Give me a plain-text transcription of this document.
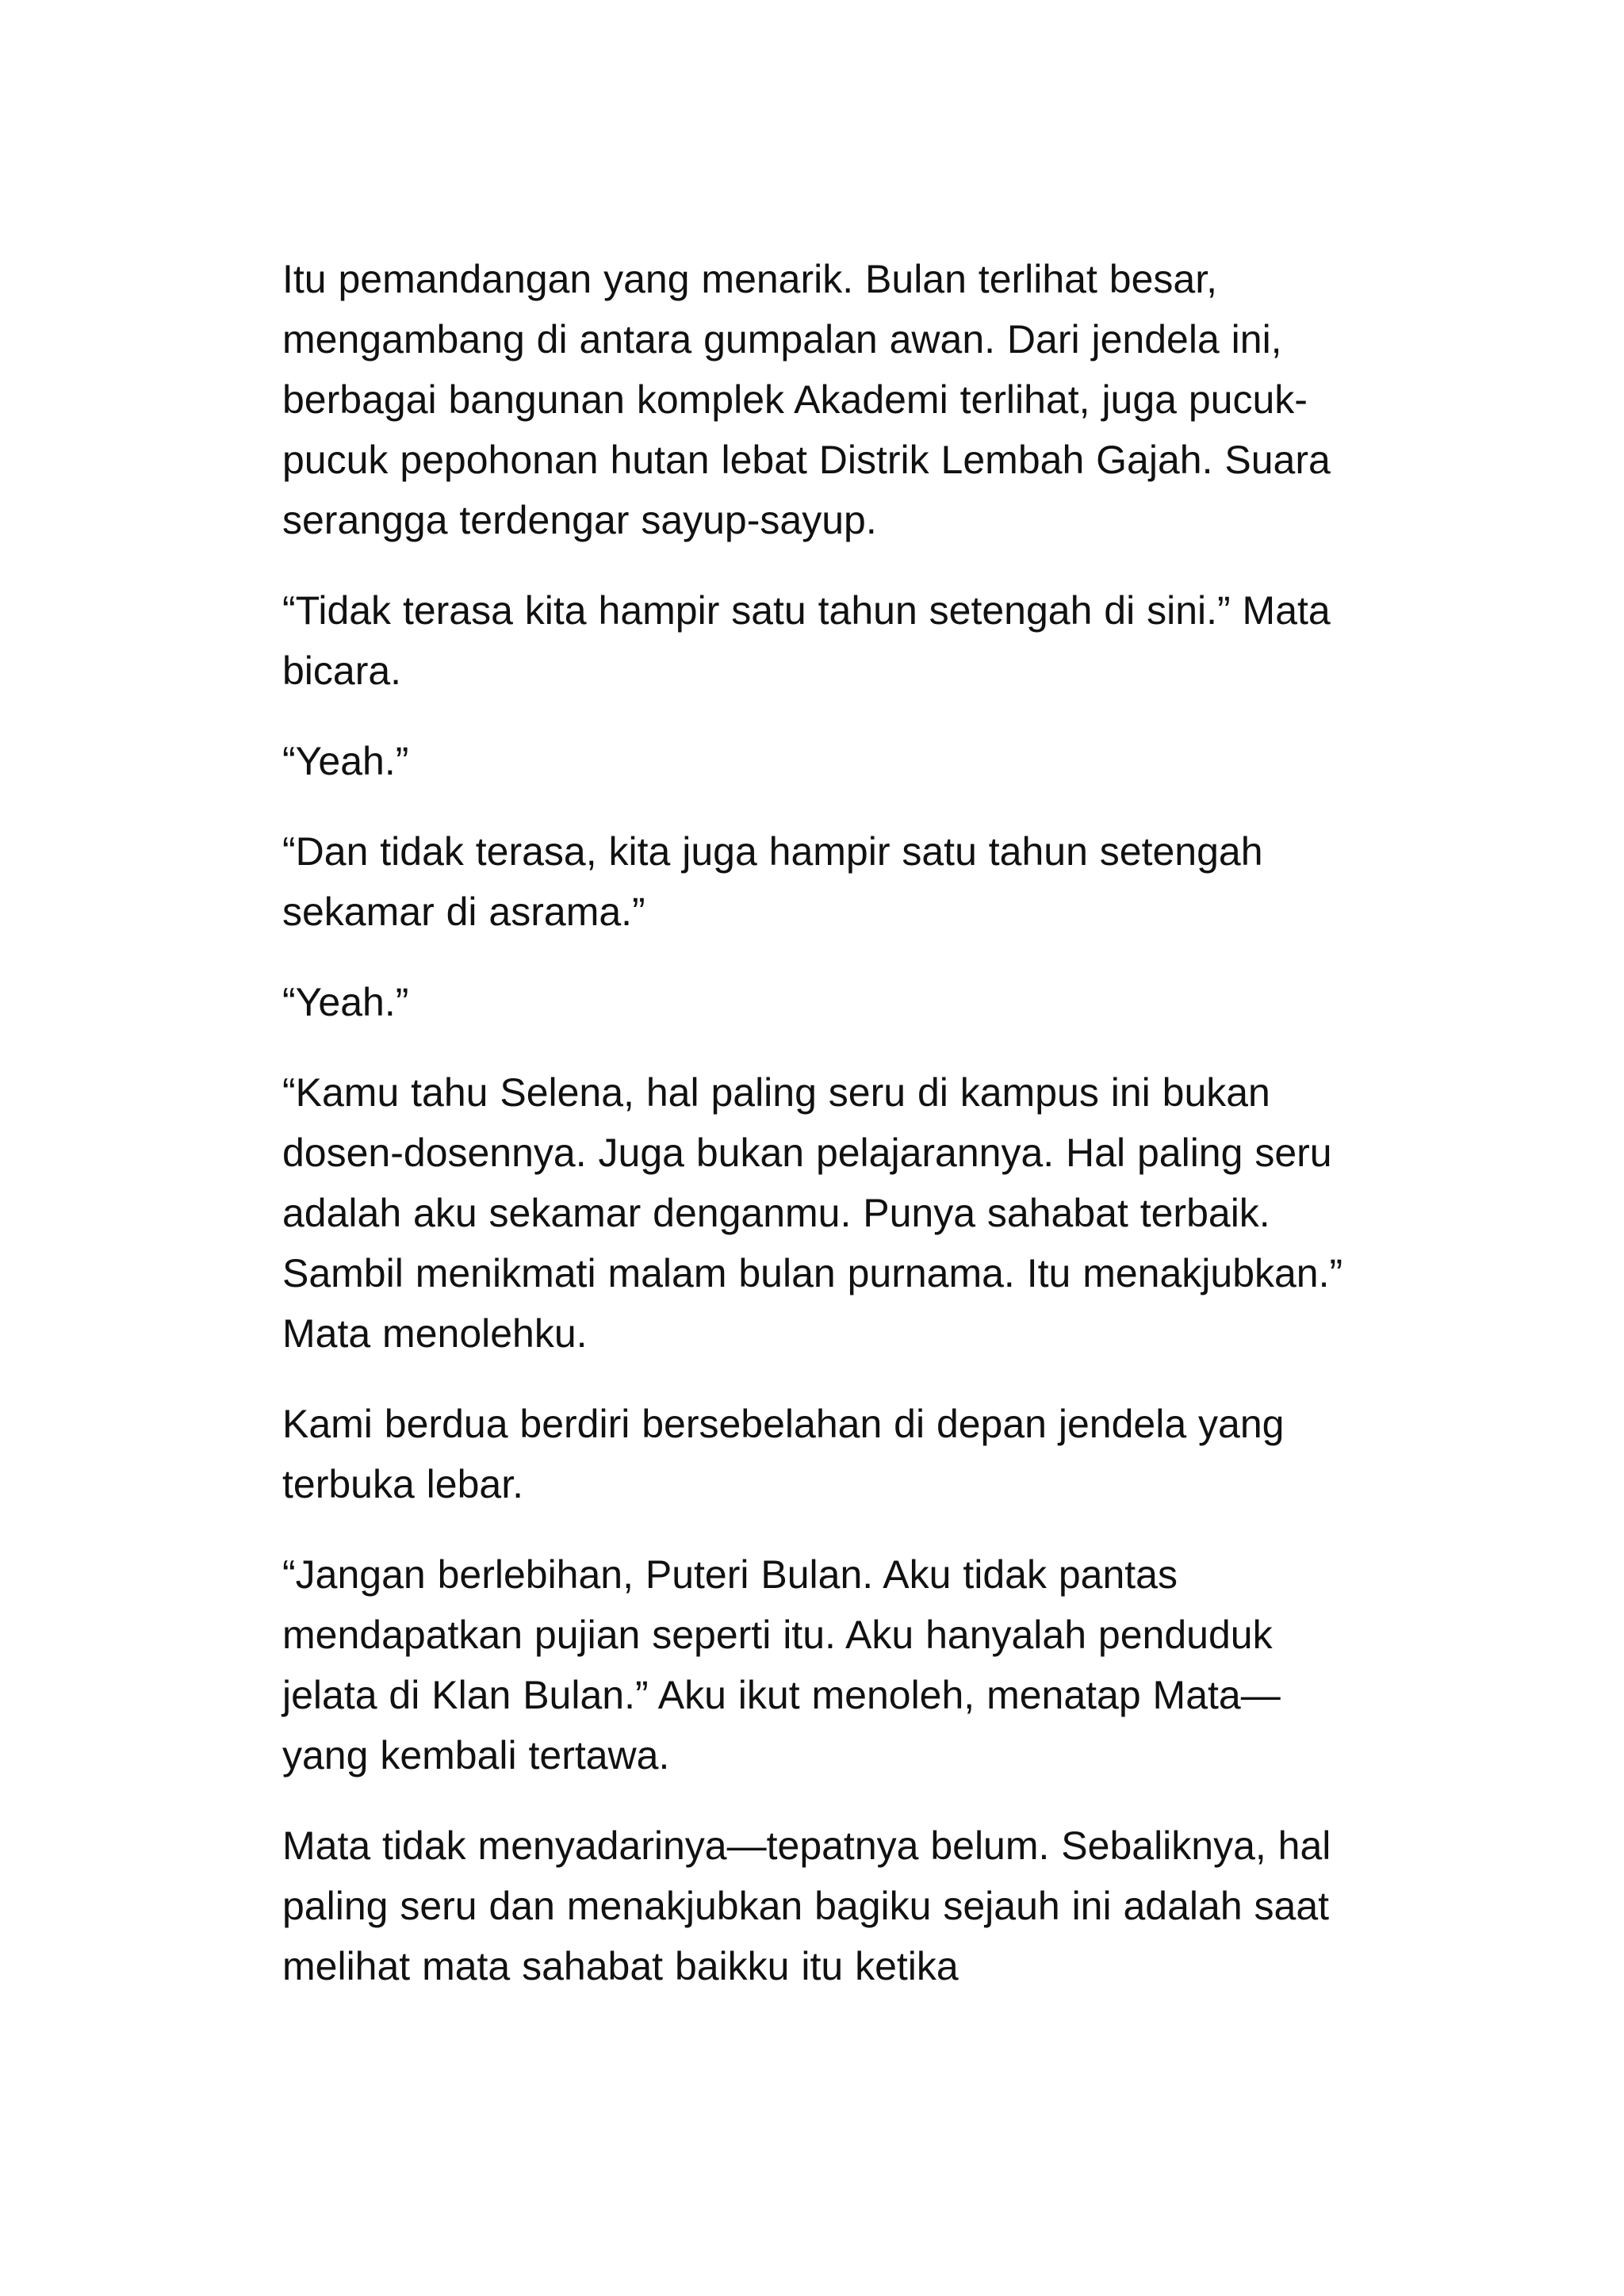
Itu pemandangan yang menarik. Bulan terlihat besar, mengambang di antara gumpalan awan. Dari jendela ini, berbagai bangunan komplek Akademi terlihat, juga pucuk-pucuk pepohonan hutan lebat Distrik Lembah Gajah. Suara serangga terdengar sayup-sayup.

“Tidak terasa kita hampir satu tahun setengah di sini.” Mata bicara.

“Yeah.”

“Dan tidak terasa, kita juga hampir satu tahun setengah sekamar di asrama.”

“Yeah.”

“Kamu tahu Selena, hal paling seru di kampus ini bukan dosen-dosennya. Juga bukan pelajarannya. Hal paling seru adalah aku sekamar denganmu. Punya sahabat terbaik. Sambil menikmati malam bulan purnama. Itu menakjubkan.” Mata menolehku.

Kami berdua berdiri bersebelahan di depan jendela yang terbuka lebar.

“Jangan berlebihan, Puteri Bulan. Aku tidak pantas mendapatkan pujian seperti itu. Aku hanyalah penduduk jelata di Klan Bulan.” Aku ikut menoleh, menatap Mata—yang kembali tertawa.

Mata tidak menyadarinya—tepatnya belum. Sebaliknya, hal paling seru dan menakjubkan bagiku sejauh ini adalah saat melihat mata sahabat baikku itu ketika
